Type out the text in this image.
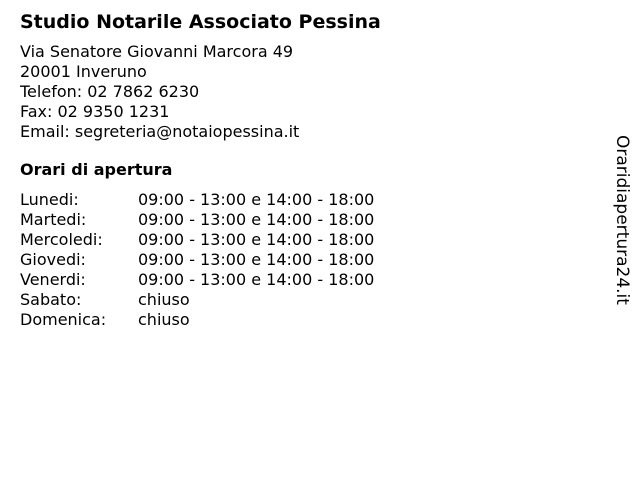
Studio Notarile Associato Pessina
Via Senatore Giovanni Marcora 49
20001 Inveruno
Telefon: 02 7862 6230
Fax: 02 9350 1231
Email: segreteria@notaiopessina.it
Orari di apertura
Lunedi:	09:00 - 13:00 e 14:00 - 18:00
Martedi:	09:00 - 13:00 e 14:00 - 18:00
Mercoledi:	09:00 - 13:00 e 14:00 - 18:00
Giovedi:	09:00 - 13:00 e 14:00 - 18:00
Venerdi:	09:00 - 13:00 e 14:00 - 18:00
Sabato:	chiuso
Domenica:	chiuso
Oraridiapertura24.it
